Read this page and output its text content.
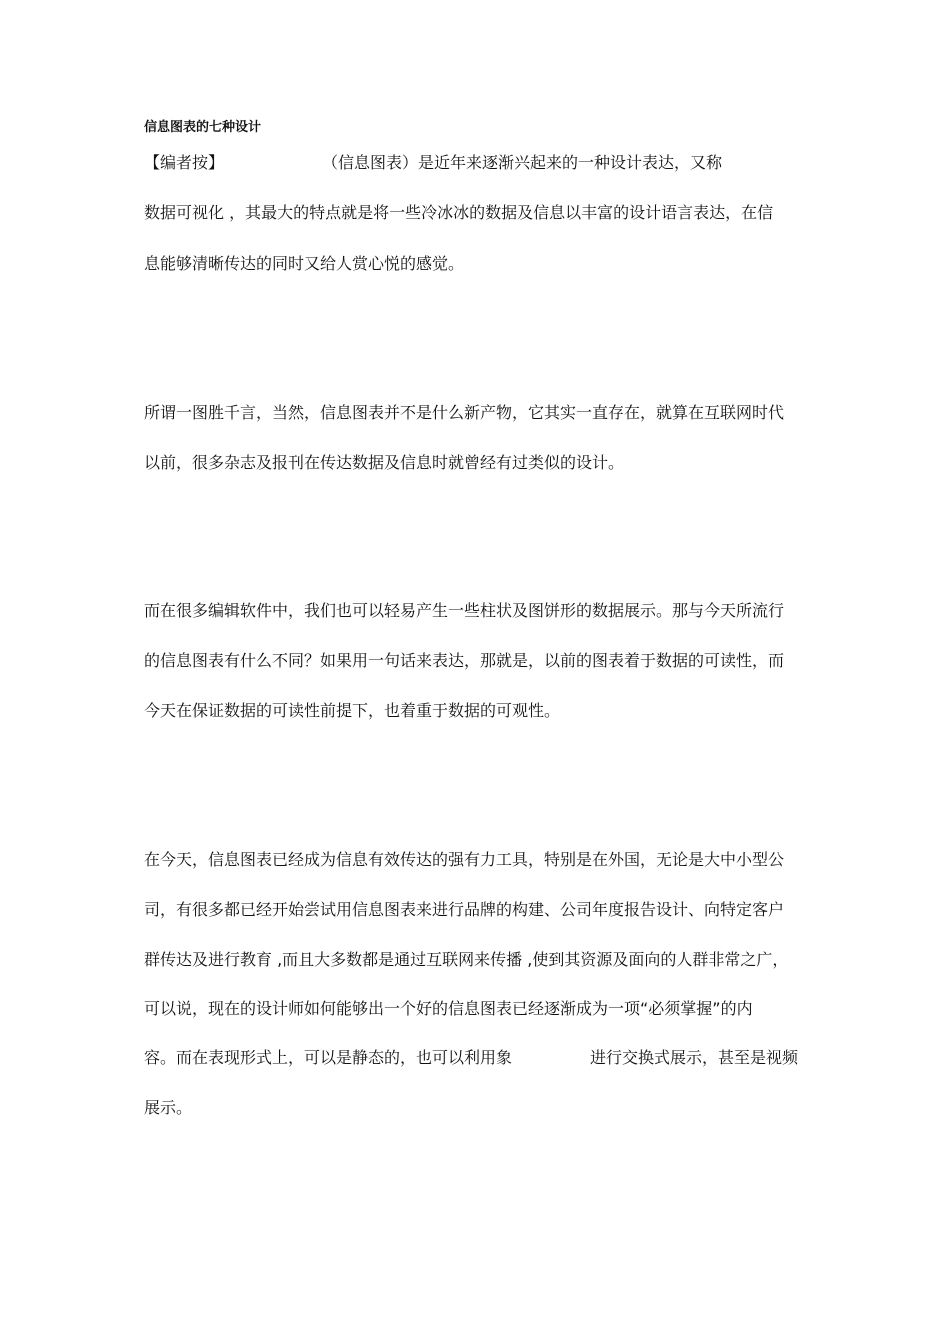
信息图表的七种设计
【编者按】	（信息图表）是近年来逐渐兴起来的一种设计表达，又称
数据可视化 ，其最大的特点就是将一些冷冰冰的数据及信息以丰富的设计语言表达，在信
息能够清晰传达的同时又给人赏心悦的感觉。
所谓一图胜千言，当然，信息图表并不是什么新产物，它其实一直存在，就算在互联网时代
以前，很多杂志及报刊在传达数据及信息时就曾经有过类似的设计。
而在很多编辑软件中，我们也可以轻易产生一些柱状及图饼形的数据展示。那与今天所流行
的信息图表有什么不同？如果用一句话来表达，那就是，以前的图表着于数据的可读性，而
今天在保证数据的可读性前提下，也着重于数据的可观性。
在今天，信息图表已经成为信息有效传达的强有力工具，特别是在外国，无论是大中小型公
司，有很多都已经开始尝试用信息图表来进行品牌的构建、公司年度报告设计、向特定客户
群传达及进行教育 ,而且大多数都是通过互联网来传播 ,使到其资源及面向的人群非常之广，
可以说，现在的设计师如何能够出一个好的信息图表已经逐渐成为一项“必须掌握”的内
容。而在表现形式上，可以是静态的，也可以利用象	进行交换式展示，甚至是视频
展示。
